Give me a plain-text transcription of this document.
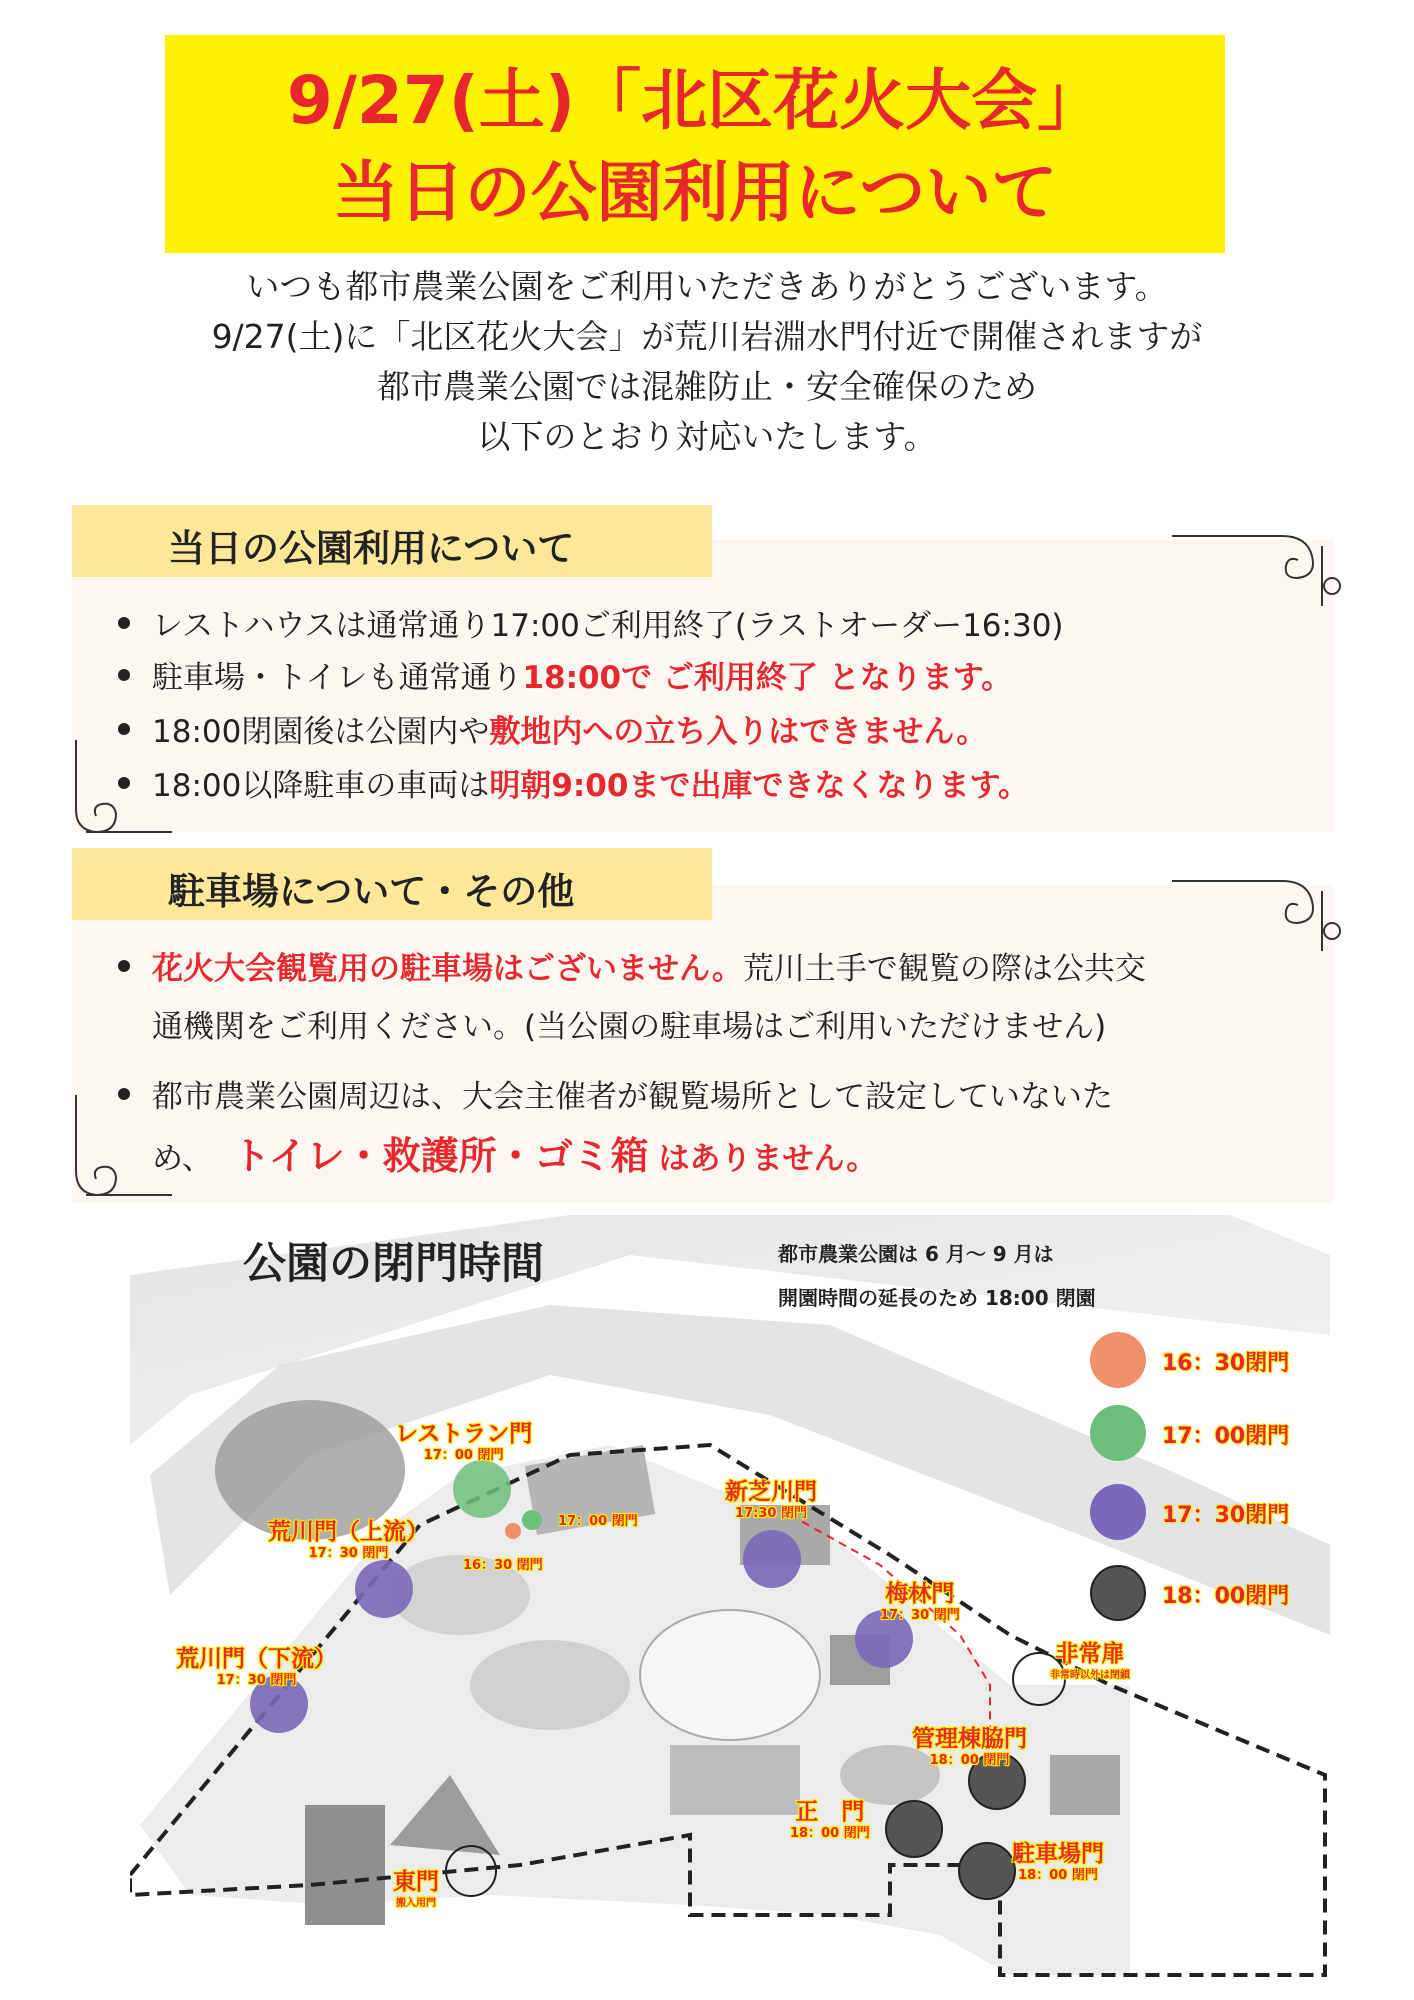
9/27(土)「北区花火大会」
当日の公園利用について
いつも都市農業公園をご利用いただきありがとうございます。
9/27(土)に「北区花火大会」が荒川岩淵水門付近で開催されますが
都市農業公園では混雑防止・安全確保のため
以下のとおり対応いたします。
レストハウスは通常通り17:00ご利用終了(ラストオーダー16:30)
駐車場・トイレも通常通り18:00で ご利用終了 となります。
18:00閉園後は公園内や敷地内への立ち入りはできません。
18:00以降駐車の車両は明朝9:00まで出庫できなくなります。
当日の公園利用について
花火大会観覧用の駐車場はございません。荒川土手で観覧の際は公共交
通機関をご利用ください。(当公園の駐車場はご利用いただけません)
都市農業公園周辺は、大会主催者が観覧場所として設定していないた
め、 トイレ・救護所・ゴミ箱 はありません。
駐車場について・その他
公園の閉門時間	都市農業公園は 6 月～ 9 月は
開園時間の延長のため 18:00 閉園
16：30閉門
17：00閉門
17：30閉門
18：00閉門
レストラン門
17：00 閉門
17：00 閉門
16：30 閉門
荒川門（上流）
17：30 閉門
荒川門（下流）
17：30 閉門
新芝川門
17:30 閉門
梅林門
17：30 閉門
非常扉
非常時以外は閉鎖
管理棟脇門
18：00 閉門
正　門
18：00 閉門
駐車場門
18：00 閉門
東門
搬入用門
